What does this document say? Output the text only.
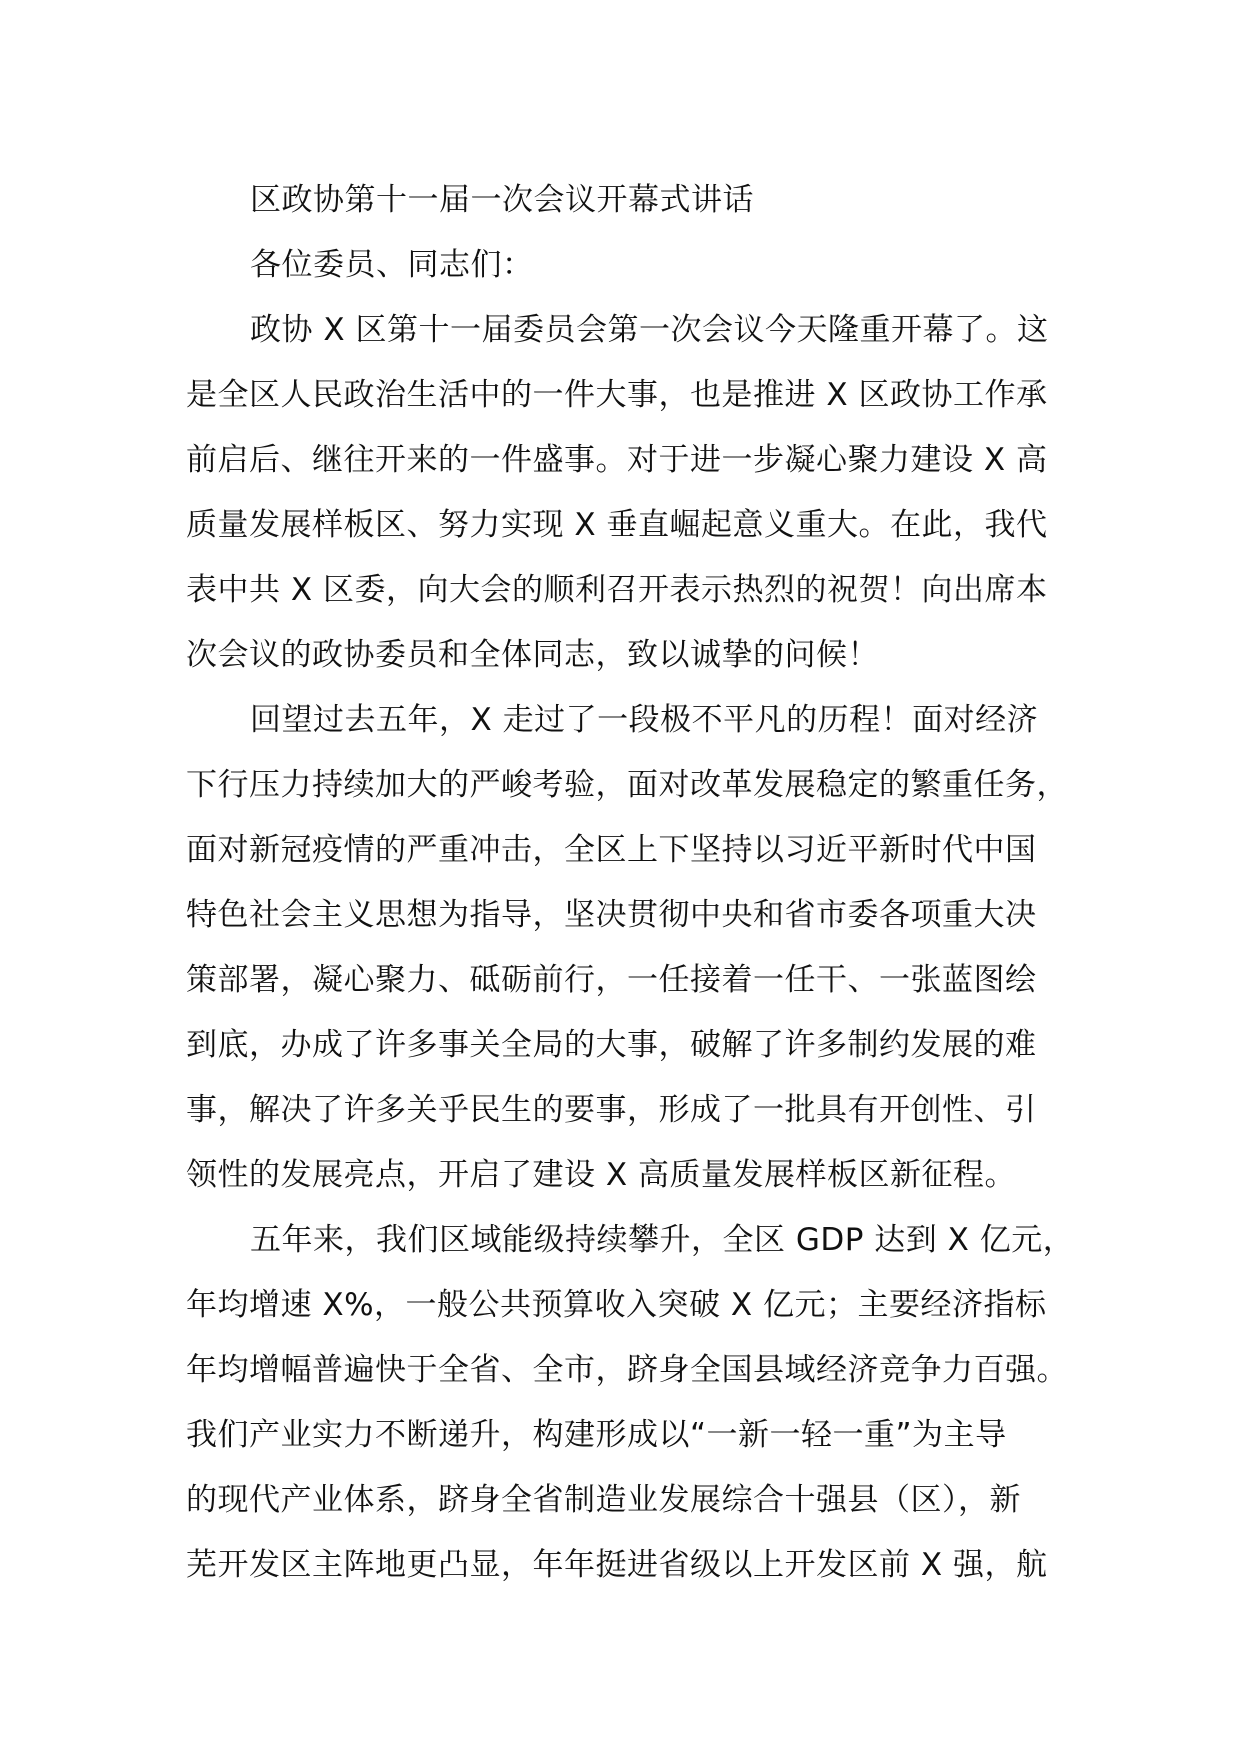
区政协第十一届一次会议开幕式讲话
各位委员、同志们：
政协 X 区第十一届委员会第一次会议今天隆重开幕了。这
是全区人民政治生活中的一件大事，也是推进 X 区政协工作承
前启后、继往开来的一件盛事。对于进一步凝心聚力建设 X 高
质量发展样板区、努力实现 X 垂直崛起意义重大。在此，我代
表中共 X 区委，向大会的顺利召开表示热烈的祝贺！向出席本
次会议的政协委员和全体同志，致以诚挚的问候！
回望过去五年，X 走过了一段极不平凡的历程！面对经济
下行压力持续加大的严峻考验，面对改革发展稳定的繁重任务，
面对新冠疫情的严重冲击，全区上下坚持以习近平新时代中国
特色社会主义思想为指导，坚决贯彻中央和省市委各项重大决
策部署，凝心聚力、砥砺前行，一任接着一任干、一张蓝图绘
到底，办成了许多事关全局的大事，破解了许多制约发展的难
事，解决了许多关乎民生的要事，形成了一批具有开创性、引
领性的发展亮点，开启了建设 X 高质量发展样板区新征程。
五年来，我们区域能级持续攀升，全区 GDP 达到 X 亿元，
年均增速 X%，一般公共预算收入突破 X 亿元；主要经济指标
年均增幅普遍快于全省、全市，跻身全国县域经济竞争力百强。
我们产业实力不断递升，构建形成以“一新一轻一重”为主导
的现代产业体系，跻身全省制造业发展综合十强县（区），新
芜开发区主阵地更凸显，年年挺进省级以上开发区前 X 强，航
